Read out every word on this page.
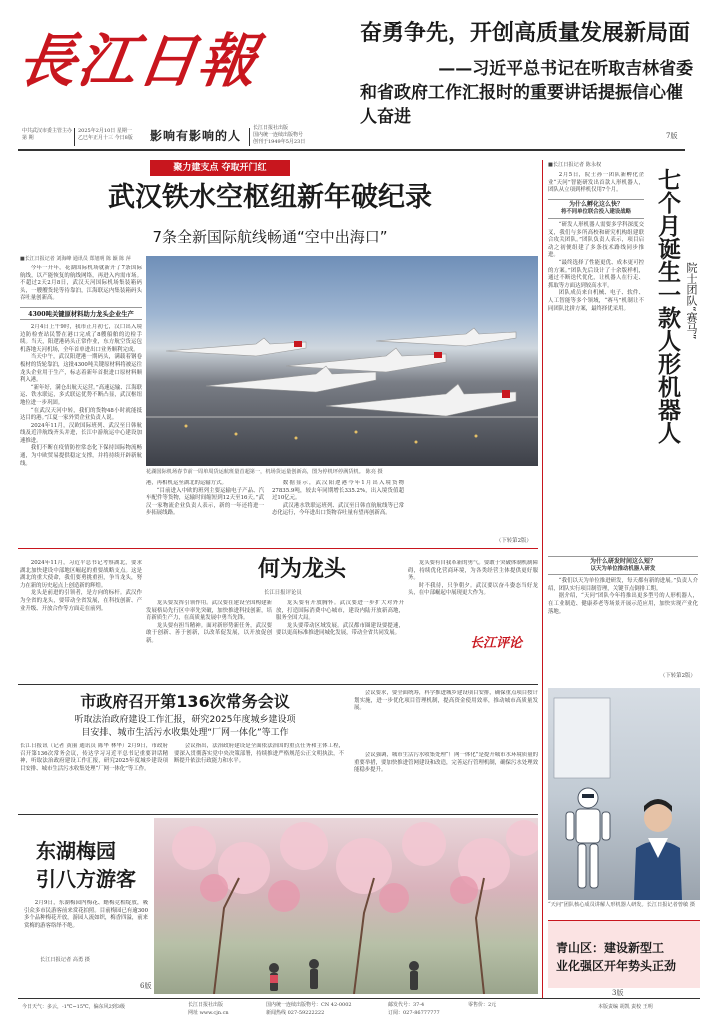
長江日報
中共武汉市委主管主办
第 期
2025年2月10日 星期一
乙巳年正月十三 今日8版	影响有影响的人
长江日报社出版
国内统一连续出版物号
创刊于1949年5月23日
奋勇争先，开创高质量发展新局面
——习近平总书记在听取吉林省委和省政府工作汇报时的重要讲话提振信心催人奋进
7版
聚力建支点 夺取开门红
武汉铁水空枢纽新年破纪录
7条全新国际航线畅通“空中出海口”
■长江日报记者 刘海峰 通讯员 郑旭明 陈 颖 陈 萍

今年一开年，花湖国际机场就新开了7条国际航线，以产能恢复的航线网络，再进入内需市场。不超过2天2月8日，武汉天河国际机场集装箱码头，一艘艘货轮等待靠泊，江海联运内集装箱码头吞吐量创新高。

4300吨关键原材料助力龙头企业生产

2月4日上午9时，我市正月初七，汉口出入境边防检查站民警在港口完成了8艘船舶的边检手续。当天，阳逻港码头正常作业，东方航空货运包机落地天河机场，全年首单进出口业务顺利完成。

当天中午，武汉阳逻港一期码头，满载着钢卷板材的货轮靠泊，这批4300吨关键原材料将被运往龙头企业用于生产，标志着新年首批进口原材料顺利入港。

“新年好，满仓出航天运营。”高速运输、江海联运、铁水联运，多式联运优势不断凸显，武汉枢纽地位进一步巩固。

“在武汉天河中转，我们的货物48小时就能抵达目的港。”江夏一家外贸企业负责人说。

2024年11月，汉欧国际班列、武汉至日韩航线及近洋航线齐头并进，长江中游航运中心建设加速推进。

我们不断在疫情防控常态化下保持国际物流畅通，为中欧贸易提供稳定支撑，并将持续开辟新航线。

花湖国际机场春节前一周单周货运航班量首超第一，机场货运量创新高，图为停机坪停满货机。 陈亮 摄

港，再相机运至湖北的运输方式。

“目前进入中欧的班列主要运输电子产品、汽车配件等货物，运输时间缩短到12天至16天。”武汉一家物流企业负责人表示，新的一年还将进一步拓展线路。

数据显示，武汉阳逻港今年1月出入境货物27835.9吨，较去年同期增长335.2%，出入境货值超过10亿元。

武汉港水铁联运班列、武汉至日韩直航航线等已常态化运行，今年进出口货物吞吐量有望再创新高。

（下转第2版）
何为龙头
长江日报评论员

2024年11月，习近平总书记考察湖北，要求湖北加快建设中部地区崛起的重要战略支点。这是湖北的重大使命，我们要勇挑重担，争当龙头，努力在新的历史起点上创造新的辉煌。

龙头是前进的引领者，是方向的标杆。武汉作为全省的龙头，要带动全省发展，在科技创新、产业升级、开放合作等方面走在前列。

龙头要发挥引领作用。武汉要在建设全国构建新发展格局先行区中率先突破，加快推进科技创新，培育新质生产力，在高质量发展中勇当先锋。

龙头要有担当精神。面对新形势新任务，武汉要敢于创新、善于创新，以改革促发展，以开放促创新。

龙头要有开放胸怀。武汉要进一步扩大对外开放，打造国际消费中心城市，建设内陆开放新高地，服务全国大局。

龙头要带动区域发展。武汉都市圈建设要提速，要以更高标准推进同城化发展，带动全省共同发展。

龙头要有自我革新的勇气。要敢于突破体制机制障碍，持续优化营商环境，为各类经营主体提供更好服务。

时不我待，只争朝夕。武汉要以奋斗姿态当好龙头，在中部崛起中展现更大作为。

长江评论
市政府召开第136次常务会议
听取法治政府建设工作汇报，研究2025年度城乡建设项
目安排、城市生活污水收集处理“厂网一体化”等工作

长江日报讯（记者 黄丽 通讯员 陈华 林华）2月9日，市政府召开第136次常务会议，传达学习习近平总书记重要讲话精神，听取法治政府建设工作汇报，研究2025年度城乡建设项目安排、城市生活污水收集处理“厂网一体化”等工作。

会议指出，法治政府建设是全面依法治国的重点任务和主体工程，要深入贯彻落实党中央决策部署，持续推进严格规范公正文明执法，不断提升依法行政能力和水平。

会议要求，要全面统筹，科学推进城乡建设项目安排，确保重点项目按计划实施，进一步优化项目管理机制，提高资金使用效率，推动城市高质量发展。

会议强调，城市生活污水收集处理“厂网一体化”是提升城市水环境质量的重要举措，要加快推进管网建设和改造，完善运行管理机制，确保污水处理效能稳步提升。

东湖梅园
引八方游客

2月9日，东湖梅园内梅花、蜡梅竞相绽放，吸引众多市民游客前来赏花拍照。目前梅园已有逾300多个品种梅花开放，游园人流如织，梅香四溢，前来赏梅的游客络绎不绝。

长江日报记者 高勇 摄
6版
■长江日报记者 陈永权

2月5日，院士孙一团队新孵化企业“天问”智能研发出首款人形机器人，团队从立项到样机仅用7个月。

为什么孵化这么快？
将不同单位联合投入建设战略

“研发人形机器人需要多学科深度交叉，我们与多所高校和研究机构组建联合攻关团队。”团队负责人表示，项目启动之初便组建了多条技术路线同步推进。

“最终选择了性能更优、成本更可控的方案。”团队先后设计了十余版样机，通过不断迭代优化，让机器人在行走、抓取等方面达到较高水平。

团队成员来自机械、电子、软件、人工智能等多个领域，“赛马”机制让不同团队比拼方案，最终择优采用。	七个月诞生一款人形机器人 院士团队“赛马”
为什么研发时间这么短？
以天为单位推动机器人研发

“我们以天为单位推进研发，每天都有新的进展。”负责人介绍，团队实行项目制管理，关键节点倒排工期。

据介绍，“天问”团队今年将推出更多型号的人形机器人，在工业制造、健康养老等场景开展示范应用，加快实现产业化落地。

（下转第2版）
“天问”团队核心成员讲解人形机器人研发。长江日报记者曾敏 摄
青山区：建设新型工
业化强区开年势头正劲
3版
今日天气：多云，-1℃~15℃，偏东风2到3级	长江日报社出版
网址 www.cjn.cn
国内统一连续出版物号：CN 42-0002
新闻热线 027-59222222
邮发代号：37-4
订阅：027-86777777
零售价：2元	本版责编 胡凯 责校 王明
